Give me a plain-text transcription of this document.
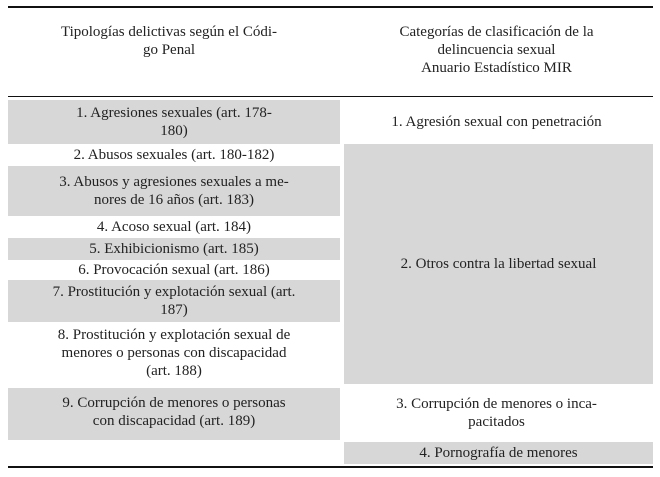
Tipologías delictivas según el Códi-
go Penal
Categorías de clasificación de la
delincuencia sexual
Anuario Estadístico MIR
1. Agresiones sexuales (art. 178-
180)
2. Abusos sexuales (art. 180-182)
3. Abusos y agresiones sexuales a me-
nores de 16 años (art. 183)
4. Acoso sexual (art. 184)
5. Exhibicionismo (art. 185)
6. Provocación sexual (art. 186)
7. Prostitución y explotación sexual (art.
187)
8. Prostitución y explotación sexual de
menores o personas con discapacidad
(art. 188)
9. Corrupción de menores o personas
con discapacidad (art. 189)
1. Agresión sexual con penetración
2. Otros contra la libertad sexual
3. Corrupción de menores o inca-
pacitados
4. Pornografía de menores
